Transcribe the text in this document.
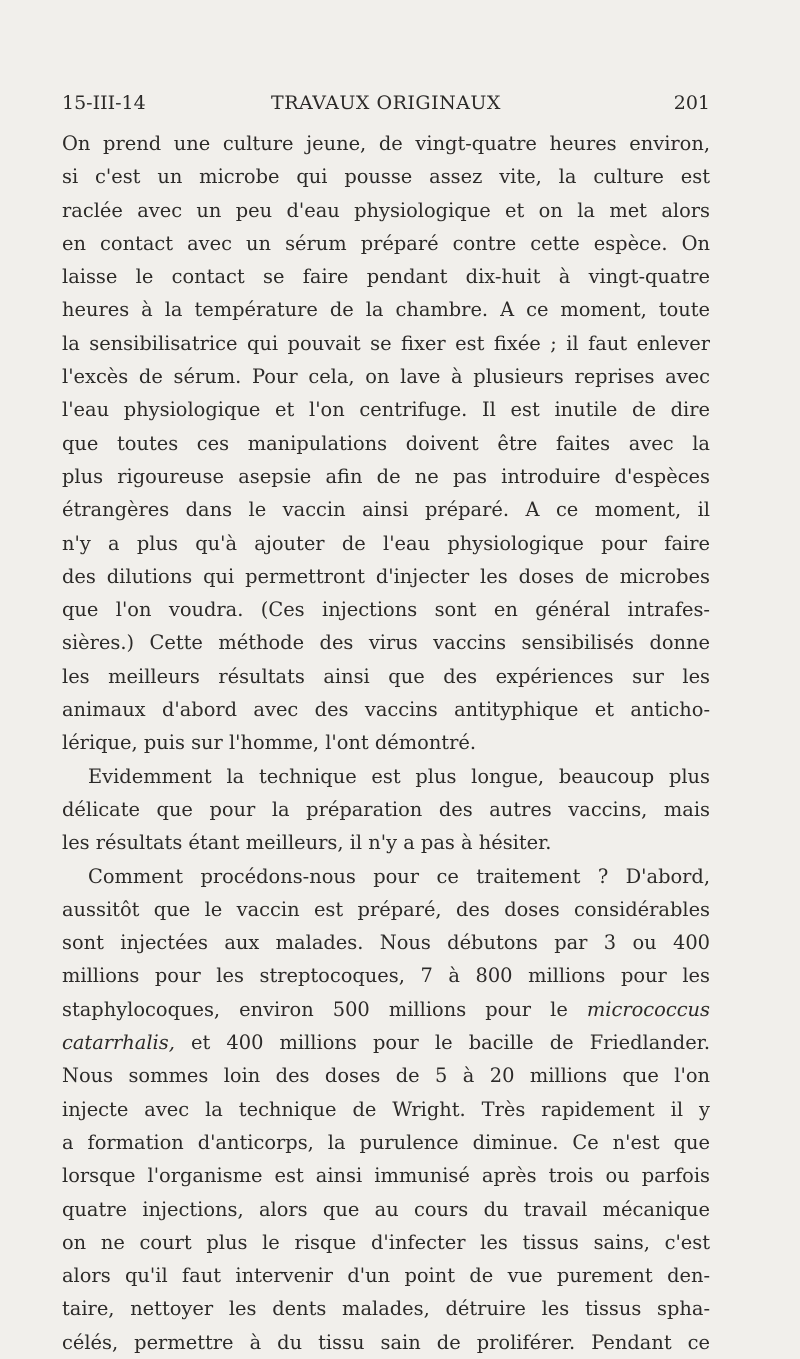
15-III-14	TRAVAUX ORIGINAUX	201
On prend une culture jeune, de vingt-quatre heures environ,
si c'est un microbe qui pousse assez vite, la culture est
raclée avec un peu d'eau physiologique et on la met alors
en contact avec un sérum préparé contre cette espèce. On
laisse le contact se faire pendant dix-huit à vingt-quatre
heures à la température de la chambre. A ce moment, toute
la sensibilisatrice qui pouvait se fixer est fixée ; il faut enlever
l'excès de sérum. Pour cela, on lave à plusieurs reprises avec
l'eau physiologique et l'on centrifuge. Il est inutile de dire
que toutes ces manipulations doivent être faites avec la
plus rigoureuse asepsie afin de ne pas introduire d'espèces
étrangères dans le vaccin ainsi préparé. A ce moment, il
n'y a plus qu'à ajouter de l'eau physiologique pour faire
des dilutions qui permettront d'injecter les doses de microbes
que l'on voudra. (Ces injections sont en général intrafes-
sières.) Cette méthode des virus vaccins sensibilisés donne
les meilleurs résultats ainsi que des expériences sur les
animaux d'abord avec des vaccins antityphique et anticho-
lérique, puis sur l'homme, l'ont démontré.
Evidemment la technique est plus longue, beaucoup plus
délicate que pour la préparation des autres vaccins, mais
les résultats étant meilleurs, il n'y a pas à hésiter.
Comment procédons-nous pour ce traitement ? D'abord,
aussitôt que le vaccin est préparé, des doses considérables
sont injectées aux malades. Nous débutons par 3 ou 400
millions pour les streptocoques, 7 à 800 millions pour les
staphylocoques, environ 500 millions pour le micrococcus
catarrhalis, et 400 millions pour le bacille de Friedlander.
Nous sommes loin des doses de 5 à 20 millions que l'on
injecte avec la technique de Wright. Très rapidement il y
a formation d'anticorps, la purulence diminue. Ce n'est que
lorsque l'organisme est ainsi immunisé après trois ou parfois
quatre injections, alors que au cours du travail mécanique
on ne court plus le risque d'infecter les tissus sains, c'est
alors qu'il faut intervenir d'un point de vue purement den-
taire, nettoyer les dents malades, détruire les tissus spha-
célés, permettre à du tissu sain de proliférer. Pendant ce
